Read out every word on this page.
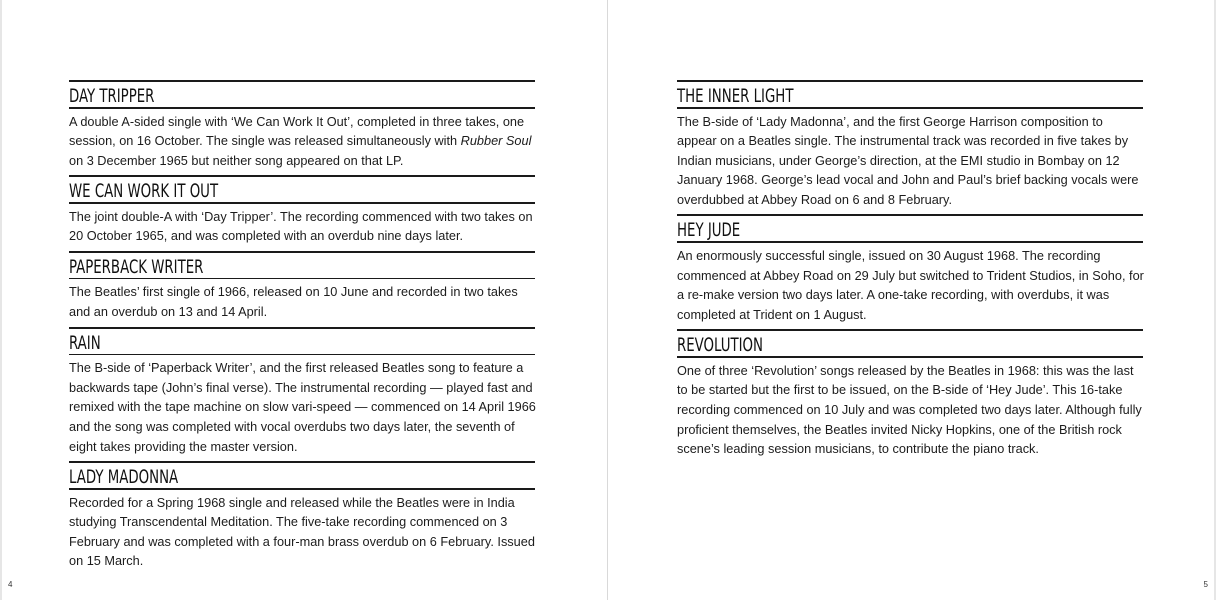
DAY TRIPPER

A double A-sided single with ‘We Can Work It Out’, completed in three takes, one session, on 16 October. The single was released simultaneously with Rubber Soul on 3 December 1965 but neither song appeared on that LP.

WE CAN WORK IT OUT

The joint double-A with ‘Day Tripper’. The recording commenced with two takes on 20 October 1965, and was completed with an overdub nine days later.

PAPERBACK WRITER

The Beatles’ first single of 1966, released on 10 June and recorded in two takes and an overdub on 13 and 14 April.

RAIN

The B-side of ‘Paperback Writer’, and the first released Beatles song to feature a backwards tape (John’s final verse). The instrumental recording — played fast and remixed with the tape machine on slow vari-speed — commenced on 14 April 1966 and the song was completed with vocal overdubs two days later, the seventh of eight takes providing the master version.

LADY MADONNA

Recorded for a Spring 1968 single and released while the Beatles were in India studying Transcendental Meditation. The five-take recording commenced on 3 February and was completed with a four-man brass overdub on 6 February. Issued on 15 March.

THE INNER LIGHT

The B-side of ‘Lady Madonna’, and the first George Harrison composition to appear on a Beatles single. The instrumental track was recorded in five takes by Indian musicians, under George’s direction, at the EMI studio in Bombay on 12 January 1968. George’s lead vocal and John and Paul’s brief backing vocals were overdubbed at Abbey Road on 6 and 8 February.

HEY JUDE

An enormously successful single, issued on 30 August 1968. The recording commenced at Abbey Road on 29 July but switched to Trident Studios, in Soho, for a re-make version two days later. A one-take recording, with overdubs, it was completed at Trident on 1 August.

REVOLUTION

One of three ‘Revolution’ songs released by the Beatles in 1968: this was the last to be started but the first to be issued, on the B-side of ‘Hey Jude’. This 16-take recording commenced on 10 July and was completed two days later. Although fully proficient themselves, the Beatles invited Nicky Hopkins, one of the British rock scene’s leading session musicians, to contribute the piano track.

4	5
